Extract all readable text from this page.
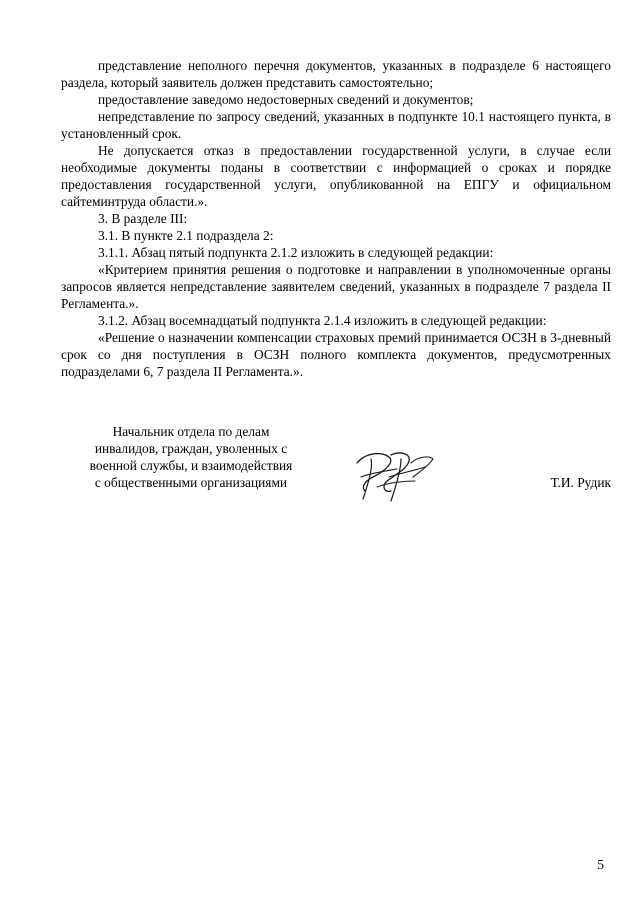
представление неполного перечня документов, указанных в подразделе 6 настоящего раздела, который заявитель должен представить самостоятельно;

предоставление заведомо недостоверных сведений и документов;

непредставление по запросу сведений, указанных в подпункте 10.1 настоящего пункта, в установленный срок.

Не допускается отказ в предоставлении государственной услуги, в случае если необходимые документы поданы в соответствии с информацией о сроках и порядке предоставления государственной услуги, опубликованной на ЕПГУ и официальном сайтеминтруда области.».

3. В разделе III:

3.1. В пункте 2.1 подраздела 2:

3.1.1. Абзац пятый подпункта 2.1.2 изложить в следующей редакции:

«Критерием принятия решения о подготовке и направлении в уполномоченные органы запросов является непредставление заявителем сведений, указанных в подразделе 7 раздела II Регламента.».

3.1.2. Абзац восемнадцатый подпункта 2.1.4 изложить в следующей редакции:

«Решение о назначении компенсации страховых премий принимается ОСЗН в 3-дневный срок со дня поступления в ОСЗН полного комплекта документов, предусмотренных подразделами 6, 7 раздела II Регламента.».

Начальник отдела по делам
инвалидов, граждан, уволенных с
военной службы, и взаимодействия
с общественными организациями	Т.И. Рудик
5
